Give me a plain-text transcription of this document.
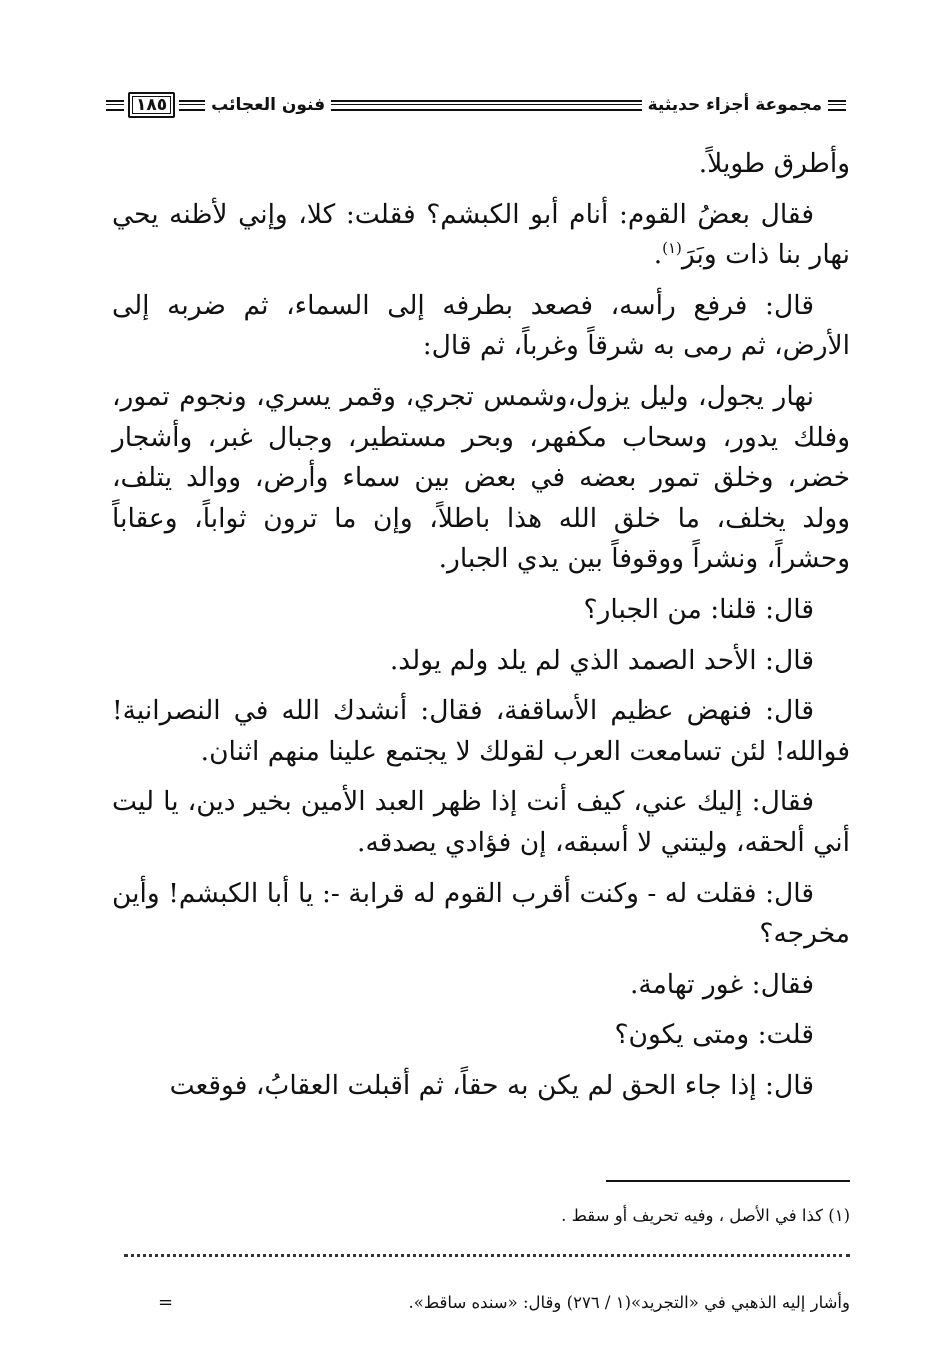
مجموعة أجزاء حديثية
فنون العجائب
١٨٥

وأطرق طويلاً.

فقال بعضُ القوم: أنام أبو الكبشم؟ فقلت: كلا، وإني لأظنه يحي نهار بنا ذات وبَرَ$^{(١)}$.

قال: فرفع رأسه، فصعد بطرفه إلى السماء، ثم ضربه إلى الأرض، ثم رمى به شرقاً وغرباً، ثم قال:

نهار يجول، وليل يزول،وشمس تجري، وقمر يسري، ونجوم تمور، وفلك يدور، وسحاب مكفهر، وبحر مستطير، وجبال غبر، وأشجار خضر، وخلق تمور بعضه في بعض بين سماء وأرض، ووالد يتلف، وولد يخلف، ما خلق الله هذا باطلاً، وإن ما ترون ثواباً، وعقاباً وحشراً، ونشراً ووقوفاً بين يدي الجبار.

قال: قلنا: من الجبار؟

قال: الأحد الصمد الذي لم يلد ولم يولد.

قال: فنهض عظيم الأساقفة، فقال: أنشدك الله في النصرانية! فوالله! لئن تسامعت العرب لقولك لا يجتمع علينا منهم اثنان.

فقال: إليك عني، كيف أنت إذا ظهر العبد الأمين بخير دين، يا ليت أني ألحقه، وليتني لا أسبقه، إن فؤادي يصدقه.

قال: فقلت له - وكنت أقرب القوم له قرابة -: يا أبا الكبشم! وأين مخرجه؟

فقال: غور تهامة.

قلت: ومتى يكون؟

قال: إذا جاء الحق لم يكن به حقاً، ثم أقبلت العقابُ، فوقعت

(١) كذا في الأصل ، وفيه تحريف أو سقط .
وأشار إليه الذهبي في «التجريد»(١ / ٢٧٦) وقال: «سنده ساقط».
=
